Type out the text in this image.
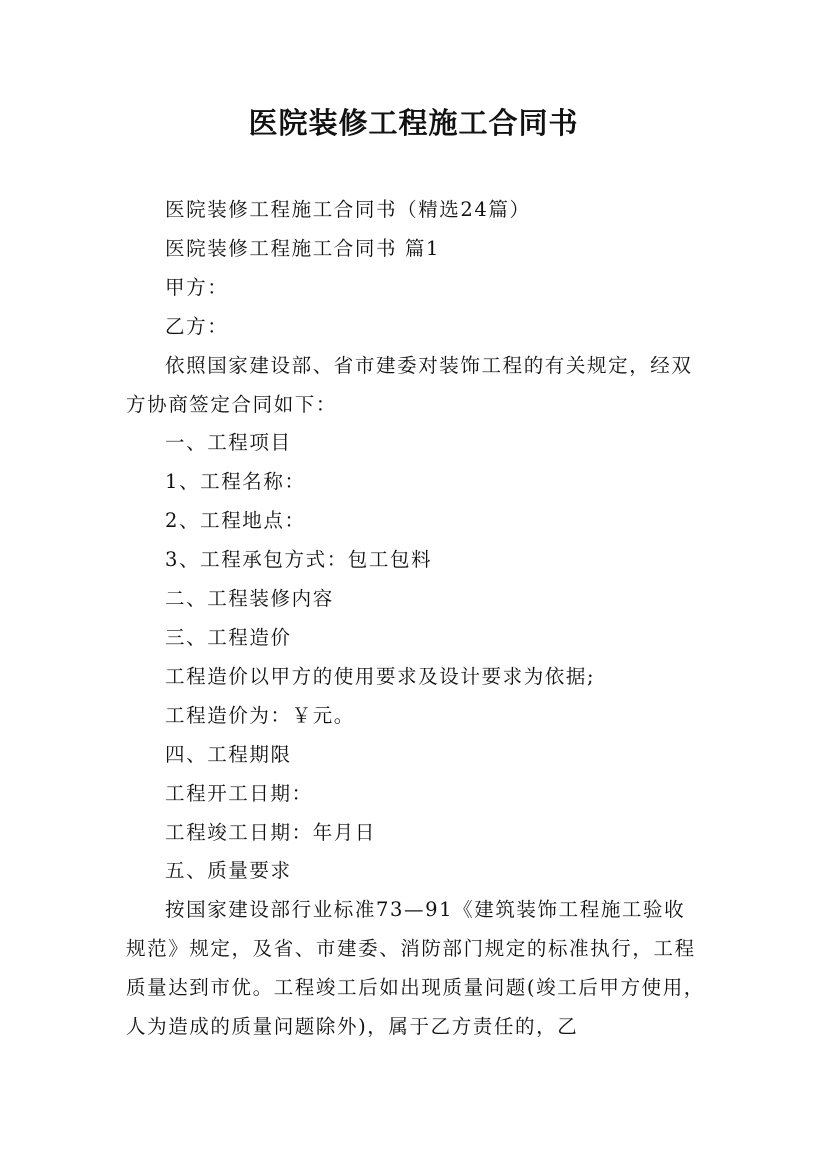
医院装修工程施工合同书

医院装修工程施工合同书（精选24篇）

医院装修工程施工合同书 篇1

甲方：

乙方：

依照国家建设部、省市建委对装饰工程的有关规定，经双方协商签定合同如下：

一、工程项目

1、工程名称：

2、工程地点：

3、工程承包方式：包工包料

二、工程装修内容

三、工程造价

工程造价以甲方的使用要求及设计要求为依据;

工程造价为：￥元。

四、工程期限

工程开工日期：

工程竣工日期：年月日

五、质量要求

按国家建设部行业标准73—91《建筑装饰工程施工验收规范》规定，及省、市建委、消防部门规定的标准执行，工程质量达到市优。工程竣工后如出现质量问题(竣工后甲方使用，人为造成的质量问题除外)，属于乙方责任的，乙
